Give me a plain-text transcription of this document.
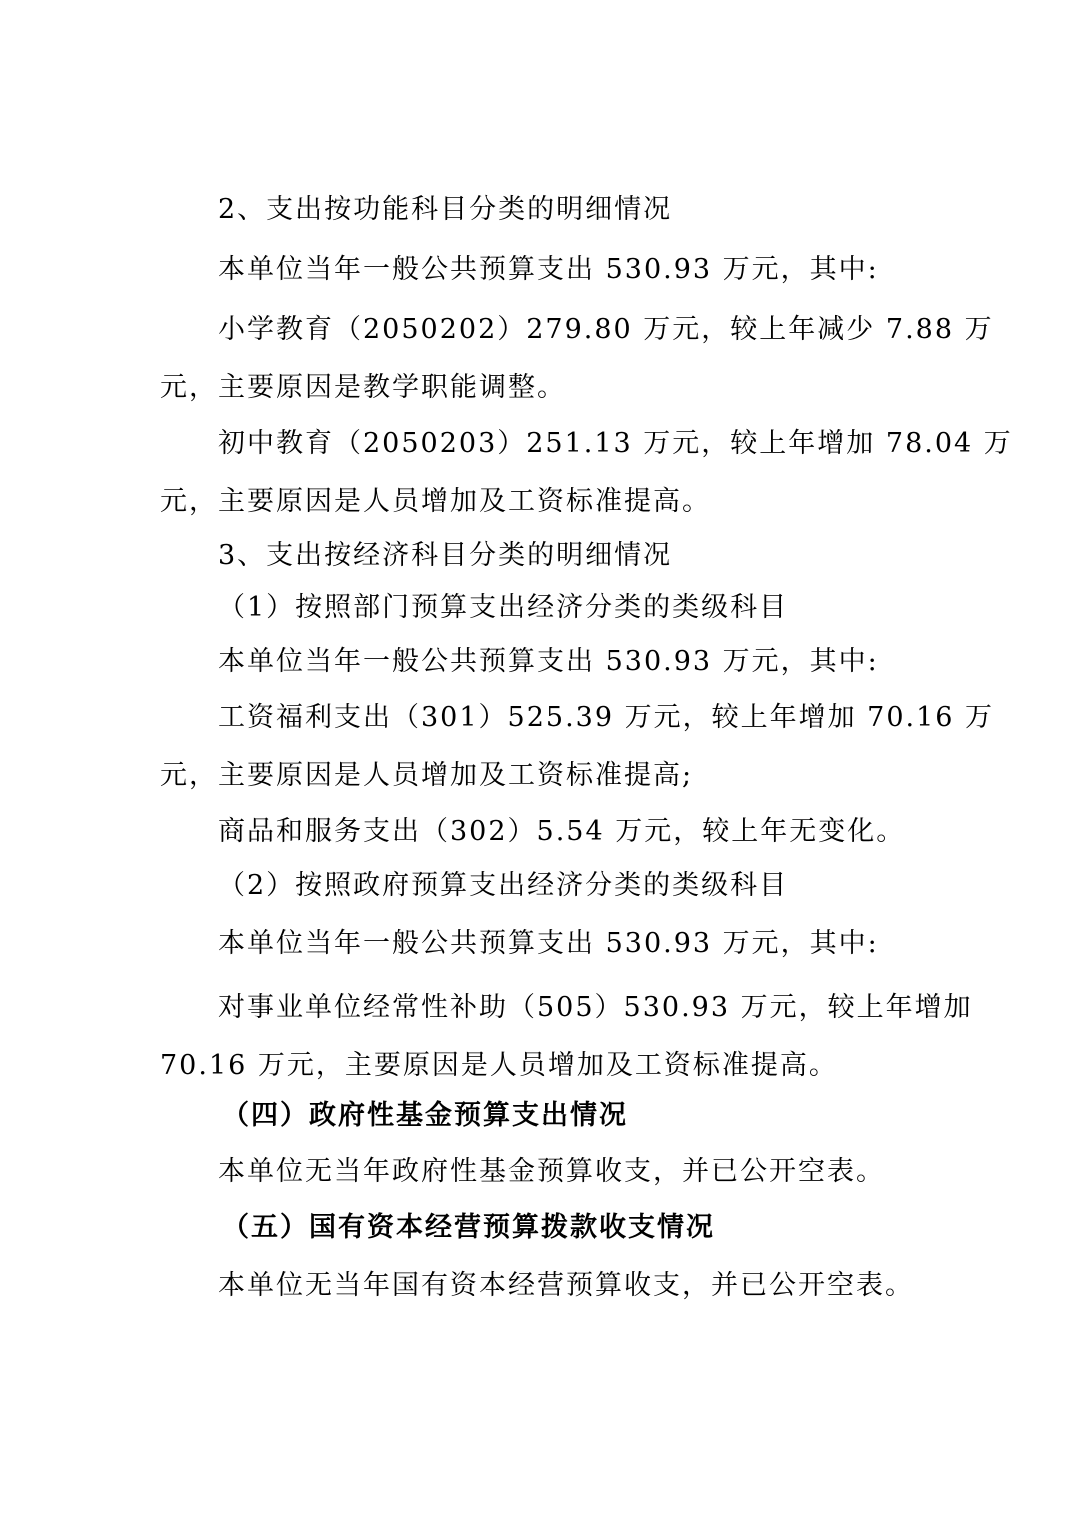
2、支出按功能科目分类的明细情况
本单位当年一般公共预算支出 530.93 万元，其中:
小学教育（2050202）279.80 万元，较上年减少 7.88 万
元，主要原因是教学职能调整。
初中教育（2050203）251.13 万元，较上年增加 78.04 万
元，主要原因是人员增加及工资标准提高。
3、支出按经济科目分类的明细情况
（1）按照部门预算支出经济分类的类级科目
本单位当年一般公共预算支出 530.93 万元，其中:
工资福利支出（301）525.39 万元，较上年增加 70.16 万
元，主要原因是人员增加及工资标准提高;
商品和服务支出（302）5.54 万元，较上年无变化。
（2）按照政府预算支出经济分类的类级科目
本单位当年一般公共预算支出 530.93 万元，其中:
对事业单位经常性补助（505）530.93 万元，较上年增加
70.16 万元，主要原因是人员增加及工资标准提高。
（四）政府性基金预算支出情况
本单位无当年政府性基金预算收支，并已公开空表。
（五）国有资本经营预算拨款收支情况
本单位无当年国有资本经营预算收支，并已公开空表。
